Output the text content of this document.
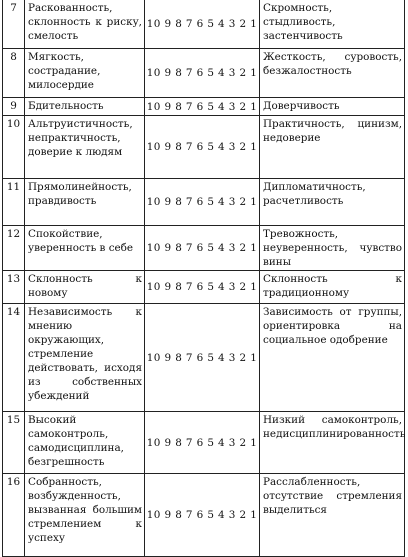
7	Раскованность, склонность к риску, смелость	10 9 8 7 6 5 4 3 2 1	Скромность, стыдливость, застенчивость
8	Мягкость, сострадание, милосердие	10 9 8 7 6 5 4 3 2 1	Жесткость, суровость, безжалостность
9	Бдительность	10 9 8 7 6 5 4 3 2 1	Доверчивость
10	Альтруистичность, непрактичность, доверие к людям	10 9 8 7 6 5 4 3 2 1	Практичность, цинизм, недоверие
11	Прямолинейность, правдивость	10 9 8 7 6 5 4 3 2 1	Дипломатичность, расчетливость
12	Спокойствие, уверенность в себе	10 9 8 7 6 5 4 3 2 1	Тревожность, неуверенность, чувство вины
13	Склонность к новому	10 9 8 7 6 5 4 3 2 1	Склонность к традиционному
14	Независимость к мнению окружающих, стремление действовать, исходя из собственных убеждений	10 9 8 7 6 5 4 3 2 1	Зависимость от группы, ориентировка на социальное одобрение
15	Высокий самоконтроль, самодисциплина, безгрешность	10 9 8 7 6 5 4 3 2 1	Низкий самоконтроль, недисциплинированность
16	Собранность, возбужденность, вызванная большим стремлением к успеху	10 9 8 7 6 5 4 3 2 1	Расслабленность, отсутствие стремления выделиться
